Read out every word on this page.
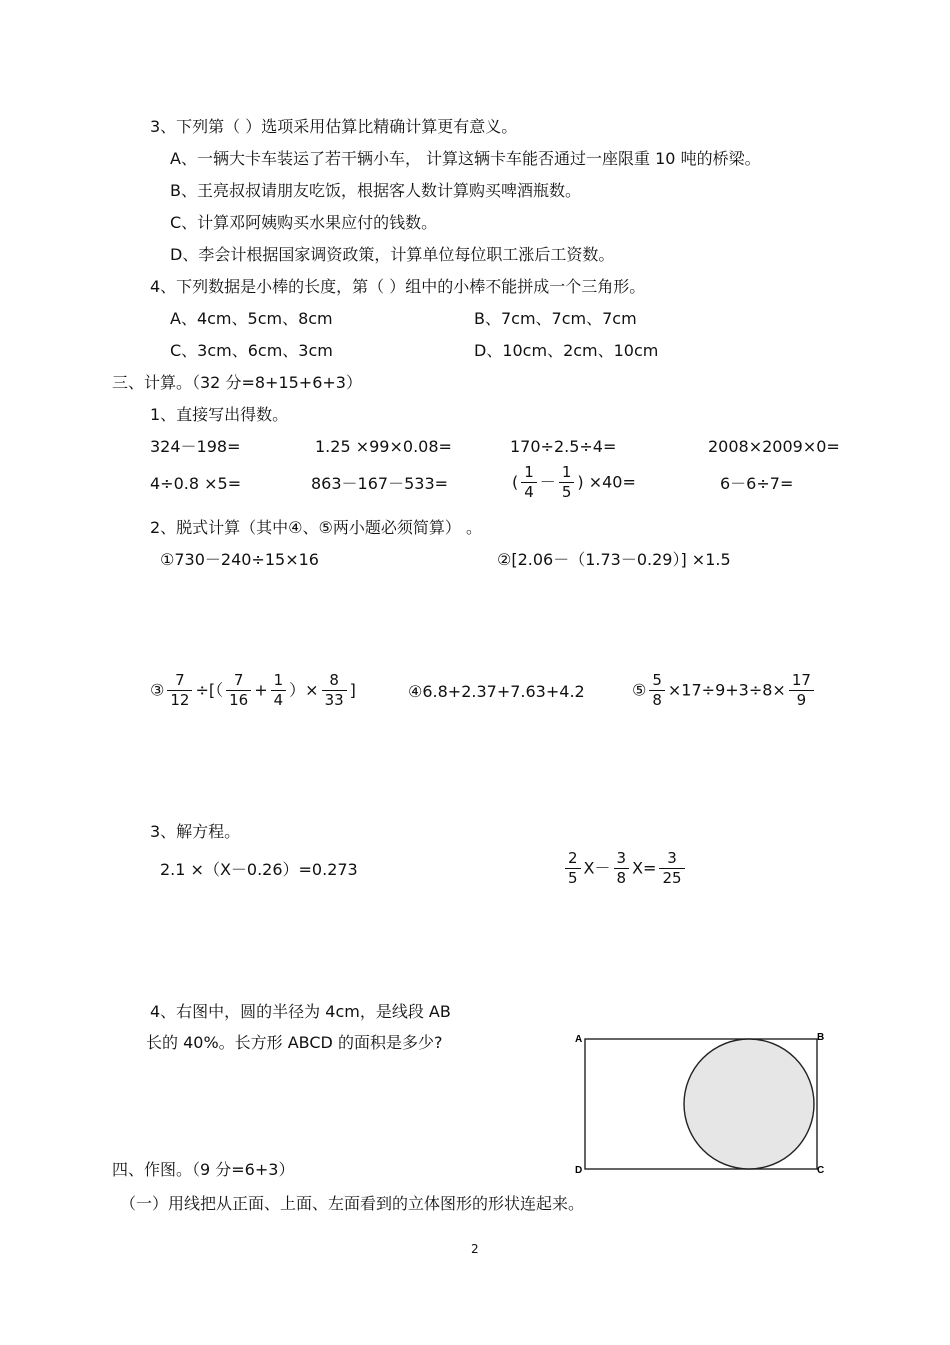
3、下列第（ ）选项采用估算比精确计算更有意义。
A、一辆大卡车装运了若干辆小车， 计算这辆卡车能否通过一座限重 10 吨的桥梁。
B、王亮叔叔请朋友吃饭，根据客人数计算购买啤酒瓶数。
C、计算邓阿姨购买水果应付的钱数。
D、李会计根据国家调资政策，计算单位每位职工涨后工资数。
4、下列数据是小棒的长度，第（ ）组中的小棒不能拼成一个三角形。
A、4cm、5cm、8cm	B、7cm、7cm、7cm
C、3cm、6cm、3cm	D、10cm、2cm、10cm
三、计算。（32 分=8+15+6+3）
1、直接写出得数。
324－198=	1.25 ×99×0.08=	170÷2.5÷4=	2008×2009×0=
4÷0.8 ×5=	863－167－533=	( $\frac{1}{4} - \frac{1}{5}$ ) ×40=	6－6÷7=
2、脱式计算（其中④、⑤两小题必须简算） 。
①730－240÷15×16	②[2.06－（1.73－0.29）] ×1.5
③ $\frac{7}{12}$ ÷[（ $\frac{7}{16} + \frac{1}{4}$ ）× $\frac{8}{33}$ ]	④6.8+2.37+7.63+4.2	⑤ $\frac{5}{8} \times 17\div 9+3\div 8\times \frac{17}{9}$
3、解方程。
2.1 ×（X－0.26）=0.273	$\frac{2}{5} X- \frac{3}{8} X= \frac{3}{25}$
4、右图中，圆的半径为 4cm，是线段 AB
长的 40%。长方形 ABCD 的面积是多少?	A	B
C
D
四、作图。（9 分=6+3）
（一）用线把从正面、上面、左面看到的立体图形的形状连起来。
2
